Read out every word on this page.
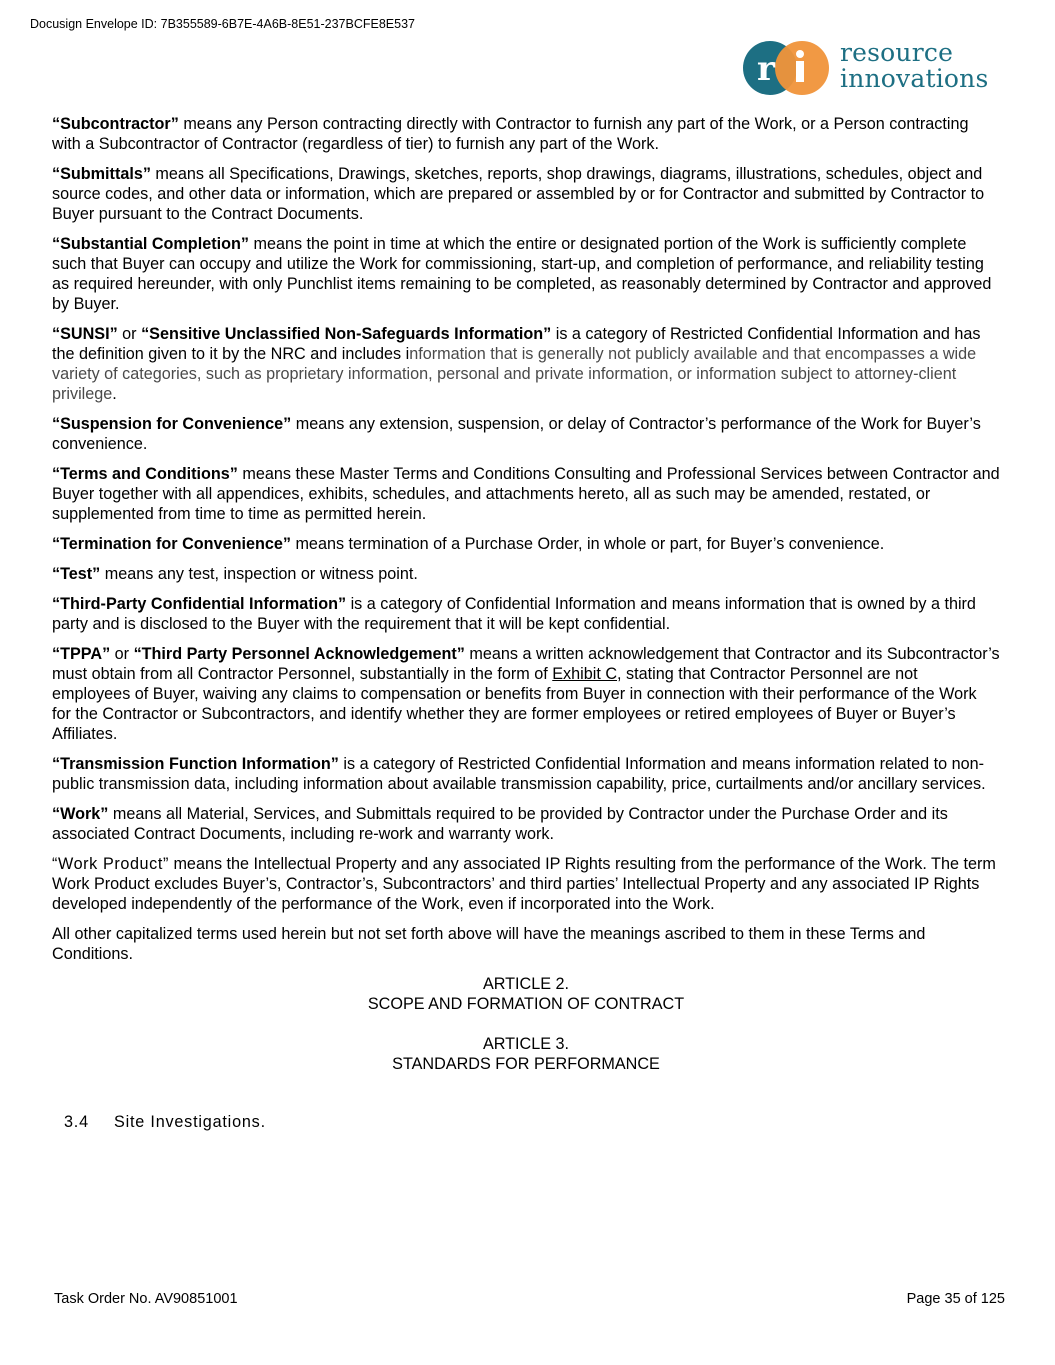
Docusign Envelope ID: 7B355589-6B7E-4A6B-8E51-237BCFE8E537
r	resource
innovations

“Subcontractor” means any Person contracting directly with Contractor to furnish any part of the Work, or a Person contracting with a Subcontractor of Contractor (regardless of tier) to furnish any part of the Work.

“Submittals” means all Specifications, Drawings, sketches, reports, shop drawings, diagrams, illustrations, schedules, object and source codes, and other data or information, which are prepared or assembled by or for Contractor and submitted by Contractor to Buyer pursuant to the Contract Documents.

“Substantial Completion” means the point in time at which the entire or designated portion of the Work is sufficiently complete such that Buyer can occupy and utilize the Work for commissioning, start-up, and completion of performance, and reliability testing as required hereunder, with only Punchlist items remaining to be completed, as reasonably determined by Contractor and approved by Buyer.

“SUNSI” or “Sensitive Unclassified Non-Safeguards Information” is a category of Restricted Confidential Information and has the definition given to it by the NRC and includes information that is generally not publicly available and that encompasses a wide variety of categories, such as proprietary information, personal and private information, or information subject to attorney-client privilege.

“Suspension for Convenience” means any extension, suspension, or delay of Contractor’s performance of the Work for Buyer’s convenience.

“Terms and Conditions” means these Master Terms and Conditions Consulting and Professional Services between Contractor and Buyer together with all appendices, exhibits, schedules, and attachments hereto, all as such may be amended, restated, or supplemented from time to time as permitted herein.

“Termination for Convenience” means termination of a Purchase Order, in whole or part, for Buyer’s convenience.

“Test” means any test, inspection or witness point.

“Third-Party Confidential Information” is a category of Confidential Information and means information that is owned by a third party and is disclosed to the Buyer with the requirement that it will be kept confidential.

“TPPA” or “Third Party Personnel Acknowledgement” means a written acknowledgement that Contractor and its Subcontractor’s must obtain from all Contractor Personnel, substantially in the form of Exhibit C, stating that Contractor Personnel are not employees of Buyer, waiving any claims to compensation or benefits from Buyer in connection with their performance of the Work for the Contractor or Subcontractors, and identify whether they are former employees or retired employees of Buyer or Buyer’s Affiliates.

“Transmission Function Information” is a category of Restricted Confidential Information and means information related to non-public transmission data, including information about available transmission capability, price, curtailments and/or ancillary services.

“Work” means all Material, Services, and Submittals required to be provided by Contractor under the Purchase Order and its associated Contract Documents, including re-work and warranty work.

“Work Product” means the Intellectual Property and any associated IP Rights resulting from the performance of the Work. The term Work Product excludes Buyer’s, Contractor’s, Subcontractors’ and third parties’ Intellectual Property and any associated IP Rights developed independently of the performance of the Work, even if incorporated into the Work.

All other capitalized terms used herein but not set forth above will have the meanings ascribed to them in these Terms and Conditions.

ARTICLE 2.
SCOPE AND FORMATION OF CONTRACT
ARTICLE 3.
STANDARDS FOR PERFORMANCE
3.4 Site Investigations.
Task Order No. AV90851001	Page 35 of 125
